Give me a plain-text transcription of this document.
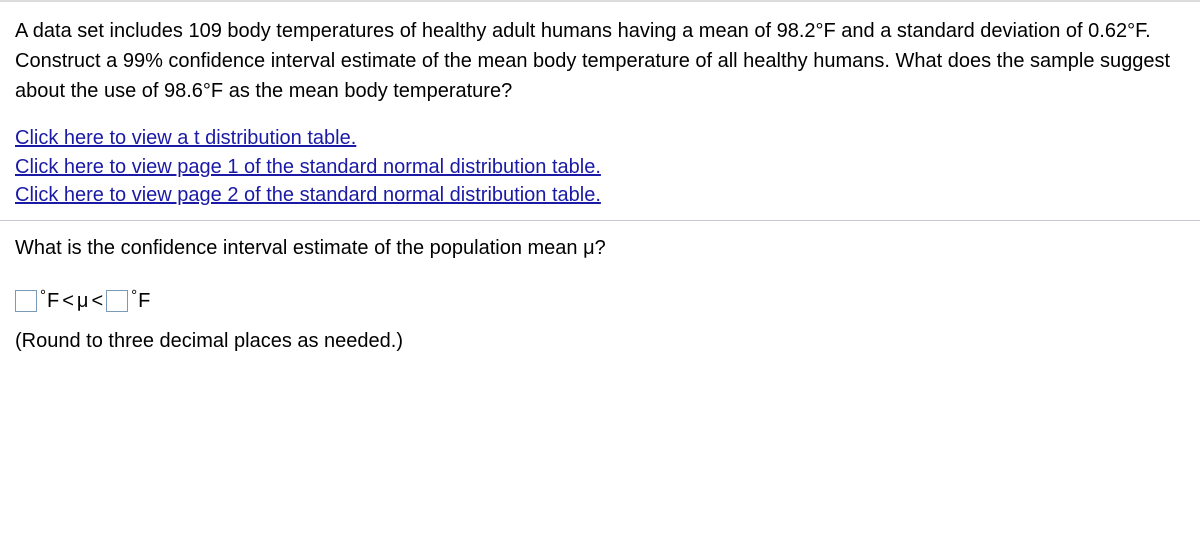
A data set includes 109 body temperatures of healthy adult humans having a mean of 98.2°F and a standard deviation of 0.62°F. Construct a 99% confidence interval estimate of the mean body temperature of all healthy humans. What does the sample suggest about the use of 98.6°F as the mean body temperature?
Click here to view a t distribution table.
Click here to view page 1 of the standard normal distribution table.
Click here to view page 2 of the standard normal distribution table.
What is the confidence interval estimate of the population mean μ?
° F < μ < ° F
(Round to three decimal places as needed.)
